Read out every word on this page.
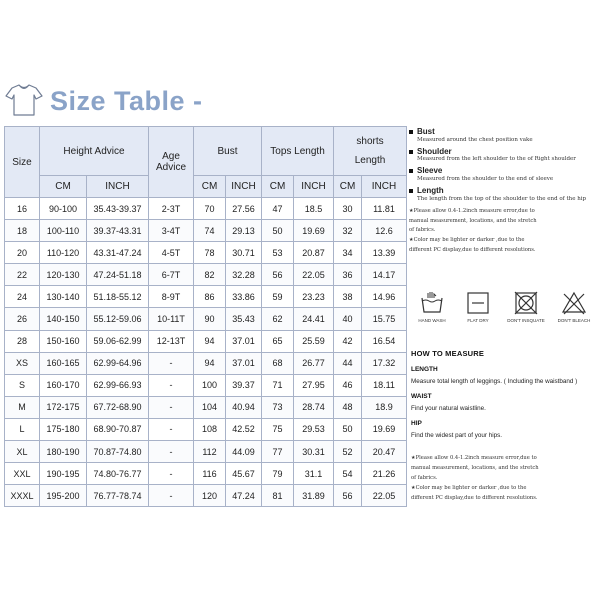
Size Table -
Size	Height Advice		Age
Advice	Bust		Tops Length		shorts
Length	
	CM	INCH		CM	INCH	CM	INCH	CM	INCH
16	90-100	35.43-39.37	2-3T	70	27.56	47	18.5	30	11.81
18	100-110	39.37-43.31	3-4T	74	29.13	50	19.69	32	12.6
20	110-120	43.31-47.24	4-5T	78	30.71	53	20.87	34	13.39
22	120-130	47.24-51.18	6-7T	82	32.28	56	22.05	36	14.17
24	130-140	51.18-55.12	8-9T	86	33.86	59	23.23	38	14.96
26	140-150	55.12-59.06	10-11T	90	35.43	62	24.41	40	15.75
28	150-160	59.06-62.99	12-13T	94	37.01	65	25.59	42	16.54
XS	160-165	62.99-64.96	-	94	37.01	68	26.77	44	17.32
S	160-170	62.99-66.93	-	100	39.37	71	27.95	46	18.11
M	172-175	67.72-68.90	-	104	40.94	73	28.74	48	18.9
L	175-180	68.90-70.87	-	108	42.52	75	29.53	50	19.69
XL	180-190	70.87-74.80	-	112	44.09	77	30.31	52	20.47
XXL	190-195	74.80-76.77	-	116	45.67	79	31.1	54	21.26
XXXL	195-200	76.77-78.74	-	120	47.24	81	31.89	56	22.05
Bust
Measured around the chest position vake
Shoulder
Measured from the left shoulder to the of Right shoulder
Sleeve
Measured from the shoulder to the end of sleeve
Length
The length from the top of the shoulder to the end of the hip
★Please allow 0.4-1.2inch measure error,due to
manual measurement, locations, and the stretch
of fabrics.
★Color may be lighter or darker ,due to the
different PC display,due to different resolutions.
HAND WASH	FLAT DRY	DON'T INSQUATE	DON'T BLEACH
HOW TO MEASURE
LENGTH
Measure total length of leggings. ( Including the waistband )
WAIST
Find your natural waistline.
HIP
Find the widest part of your hips.
★Please allow 0.4-1.2inch measure error,due to
manual measurement, locations, and the stretch
of fabrics.
★Color may be lighter or darker ,due to the
different PC display,due to different resolutions.
